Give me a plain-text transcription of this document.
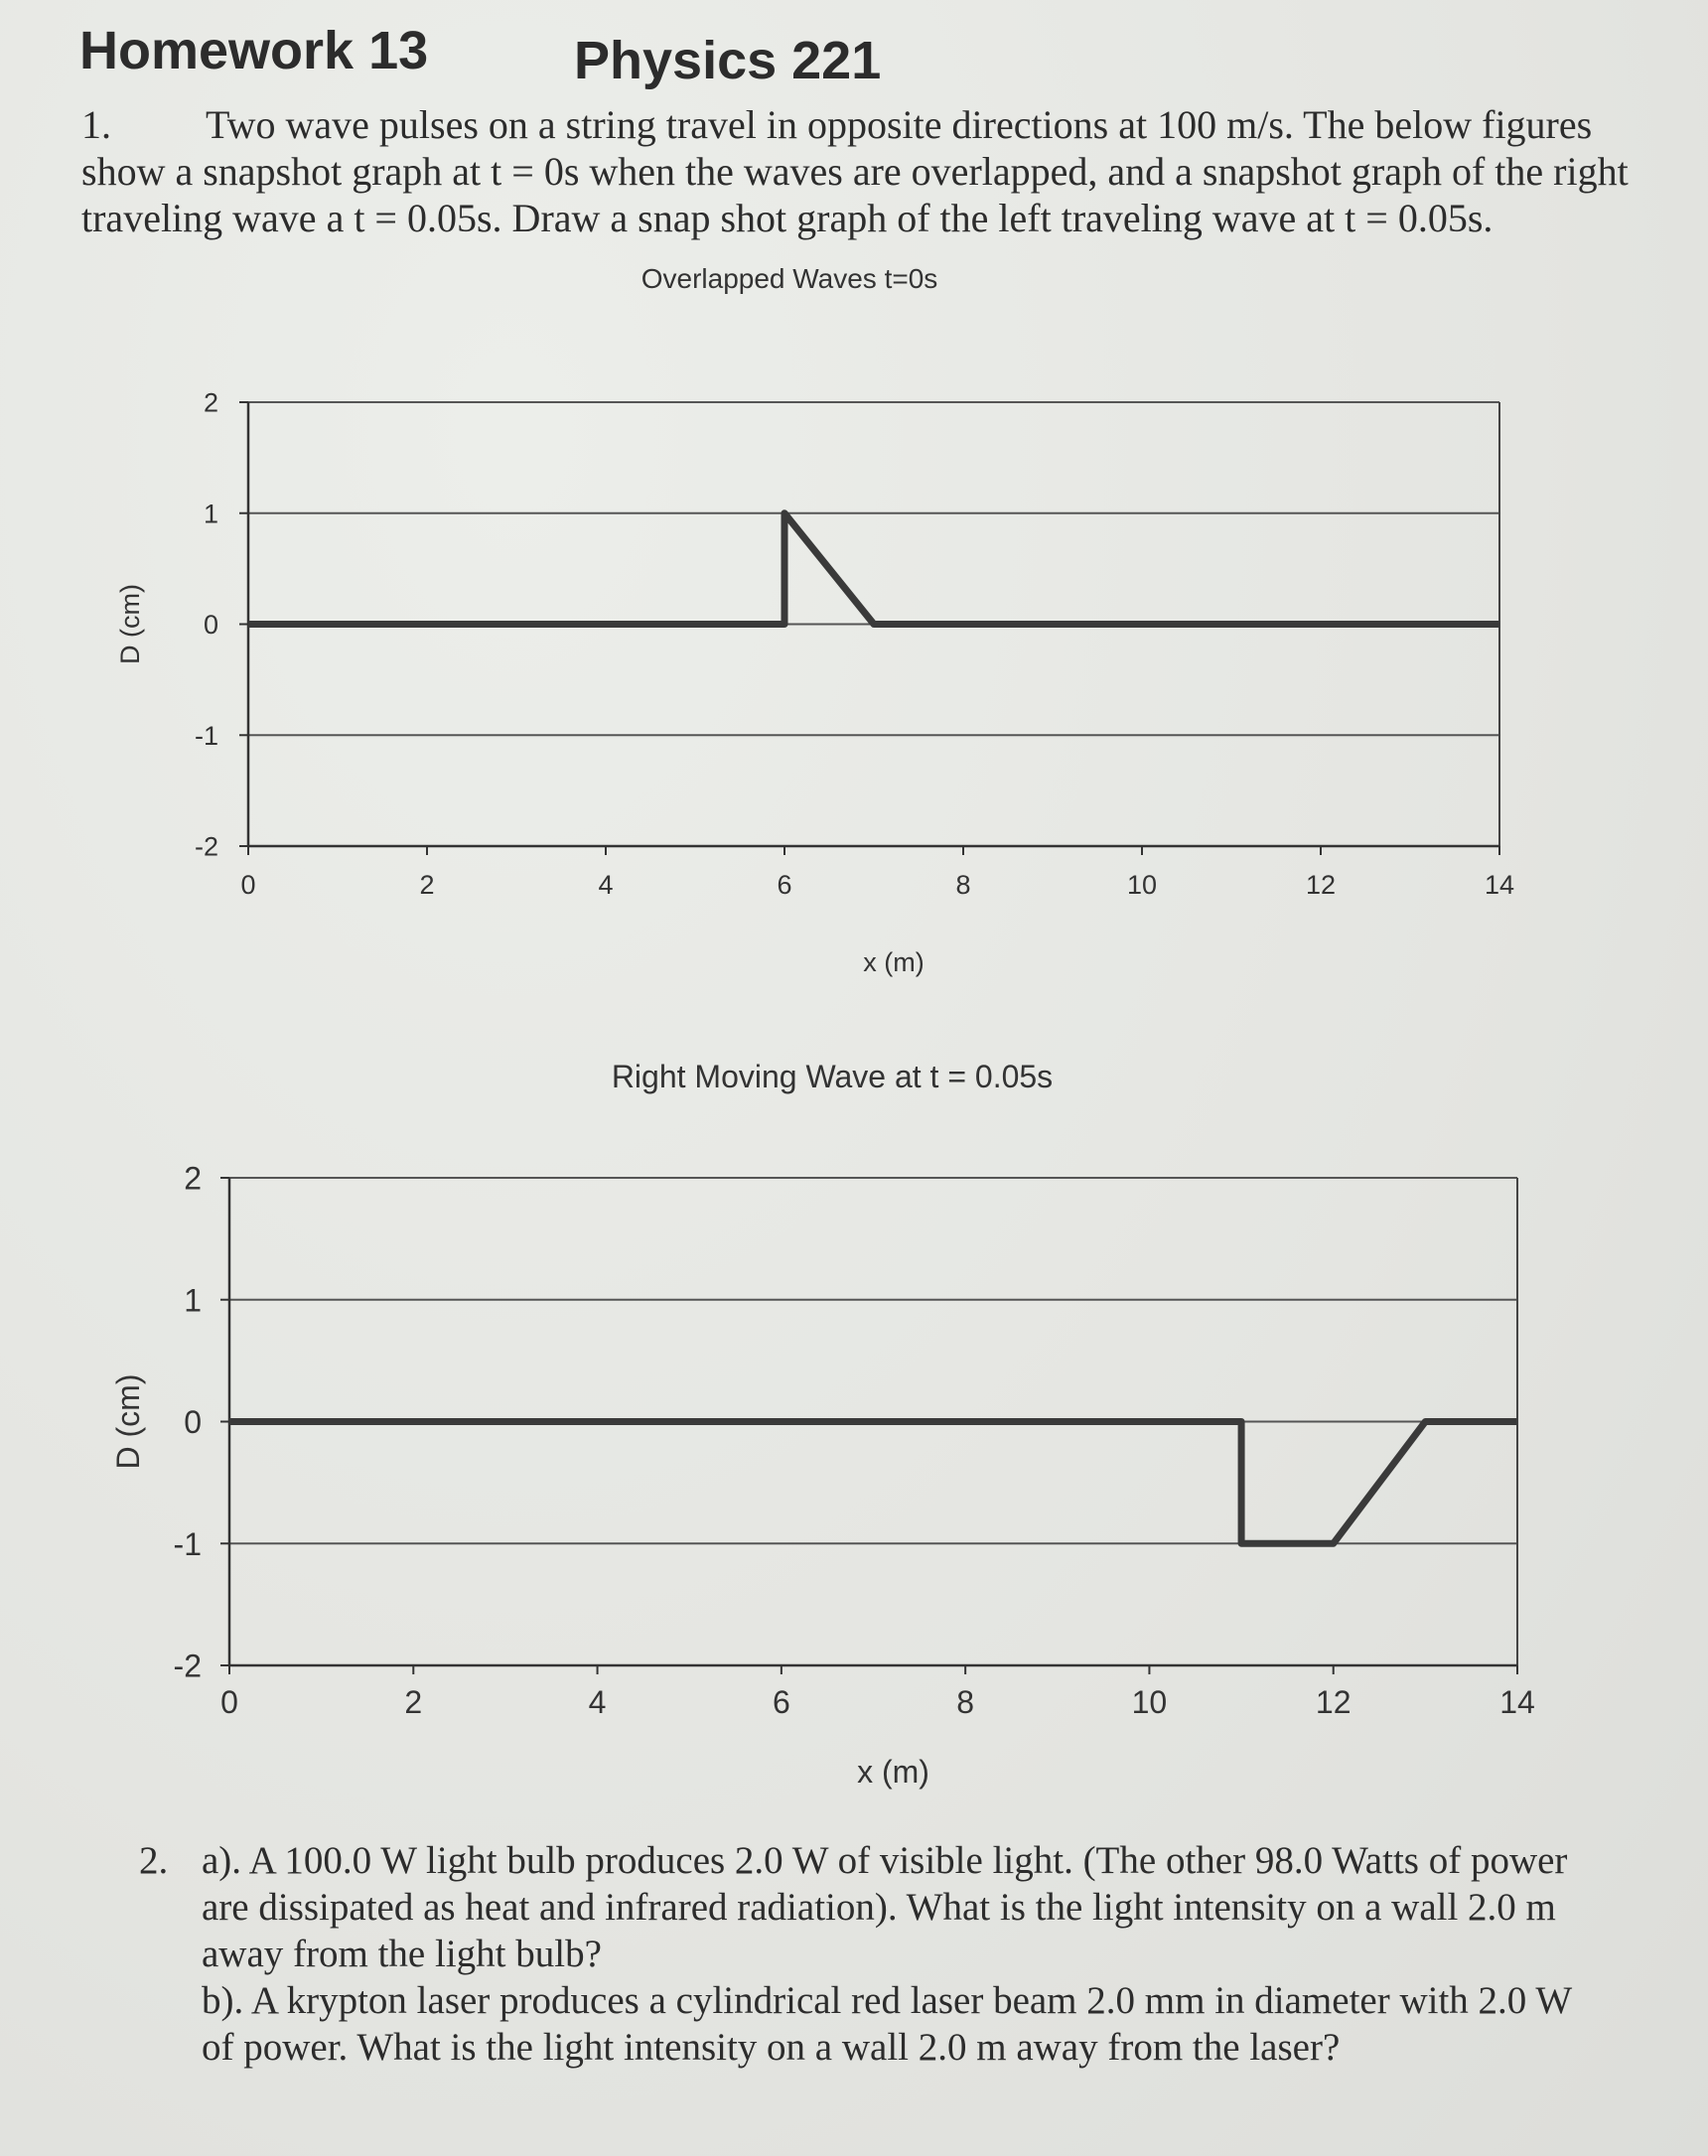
Homework 13	Physics 221
1. Two wave pulses on a string travel in opposite directions at 100 m/s. The below figures
show a snapshot graph at t = 0s when the waves are overlapped, and a snapshot graph of the right
traveling wave a t = 0.05s. Draw a snap shot graph of the left traveling wave at t = 0.05s.
Overlapped Waves t=0s
2
1
0
-1
-2
0	2	4	6	8	10	12	14
x (m)
D (cm)
Right Moving Wave at t = 0.05s
2
1
0
-1
-2
0	2	4	6	8	10	12	14
x (m)
D (cm)
2. a). A 100.0 W light bulb produces 2.0 W of visible light. (The other 98.0 Watts of power
are dissipated as heat and infrared radiation). What is the light intensity on a wall 2.0 m
away from the light bulb?
b). A krypton laser produces a cylindrical red laser beam 2.0 mm in diameter with 2.0 W
of power. What is the light intensity on a wall 2.0 m away from the laser?
